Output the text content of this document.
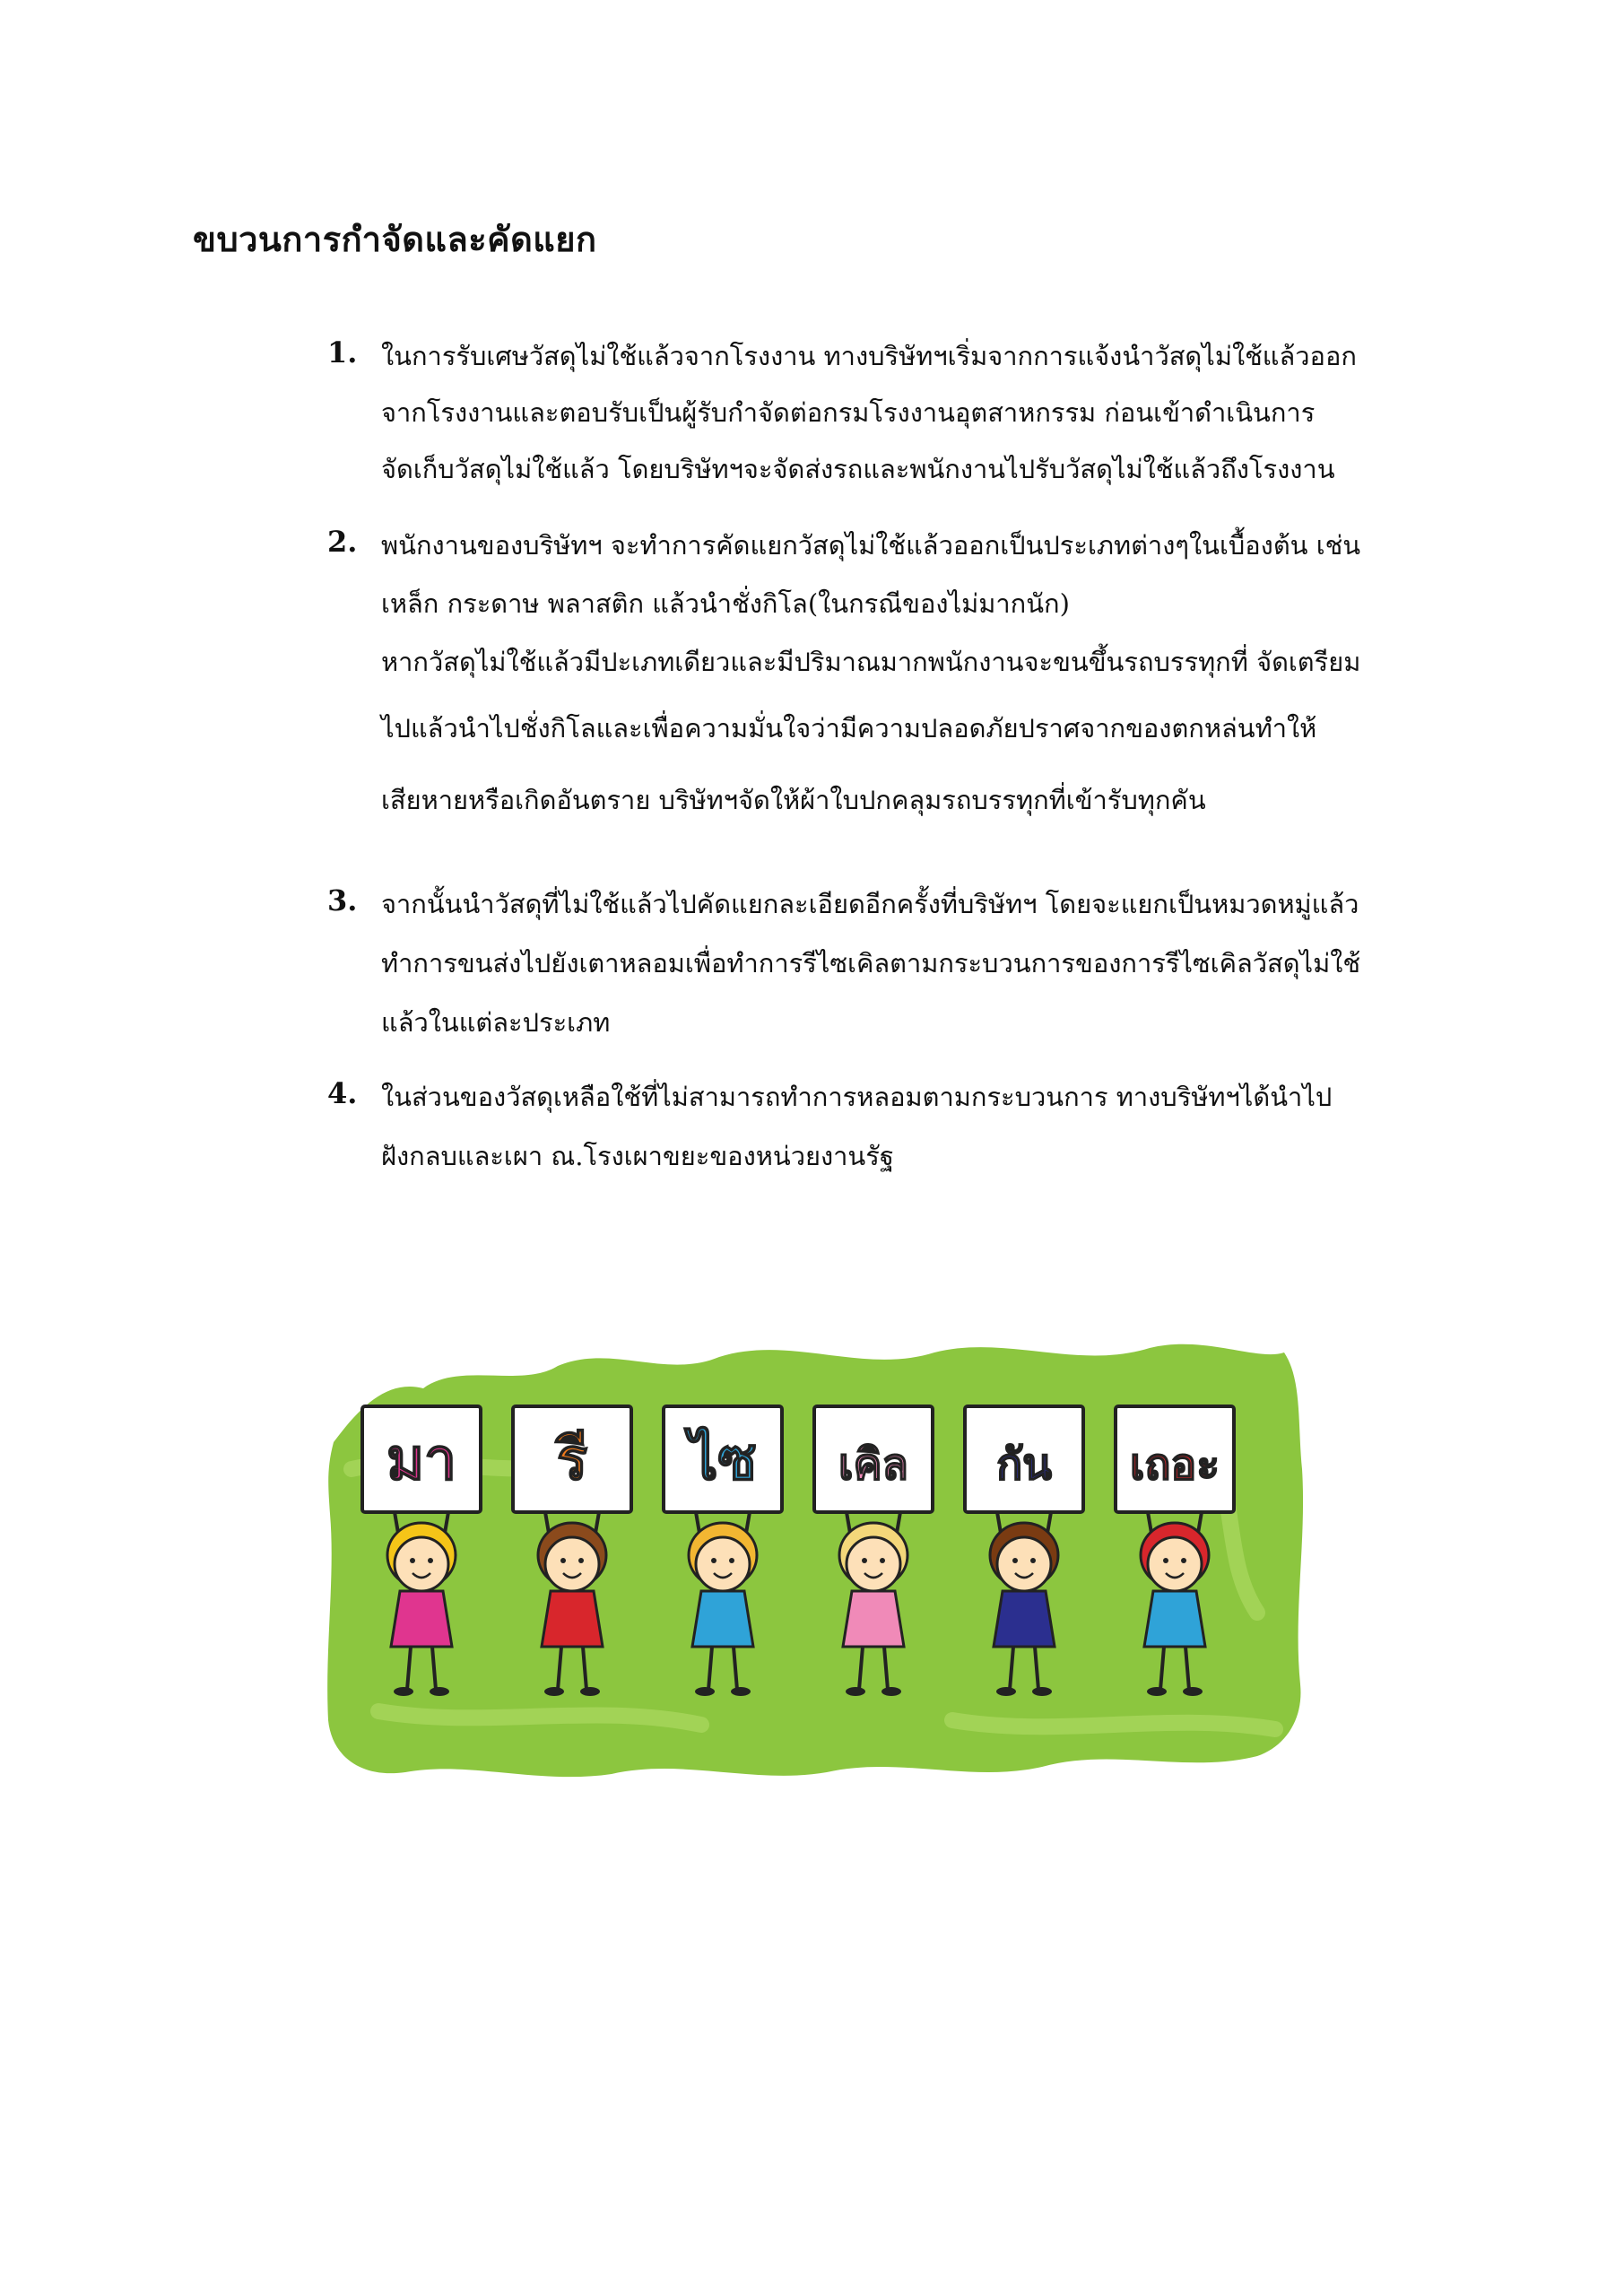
ขบวนการกำจัดและคัดแยก
1. ในการรับเศษวัสดุไม่ใช้แล้วจากโรงงาน ทางบริษัทฯเริ่มจากการแจ้งนำวัสดุไม่ใช้แล้วออก
จากโรงงานและตอบรับเป็นผู้รับกำจัดต่อกรมโรงงานอุตสาหกรรม ก่อนเข้าดำเนินการ
จัดเก็บวัสดุไม่ใช้แล้ว โดยบริษัทฯจะจัดส่งรถและพนักงานไปรับวัสดุไม่ใช้แล้วถึงโรงงาน
2. พนักงานของบริษัทฯ จะทำการคัดแยกวัสดุไม่ใช้แล้วออกเป็นประเภทต่างๆในเบื้องต้น เช่น
เหล็ก กระดาษ พลาสติก แล้วนำชั่งกิโล(ในกรณีของไม่มากนัก)
หากวัสดุไม่ใช้แล้วมีปะเภทเดียวและมีปริมาณมากพนักงานจะขนขึ้นรถบรรทุกที่ จัดเตรียม
ไปแล้วนำไปชั่งกิโลและเพื่อความมั่นใจว่ามีความปลอดภัยปราศจากของตกหล่นทำให้
เสียหายหรือเกิดอันตราย บริษัทฯจัดให้ผ้าใบปกคลุมรถบรรทุกที่เข้ารับทุกคัน
3. จากนั้นนำวัสดุที่ไม่ใช้แล้วไปคัดแยกละเอียดอีกครั้งที่บริษัทฯ โดยจะแยกเป็นหมวดหมู่แล้ว
ทำการขนส่งไปยังเตาหลอมเพื่อทำการรีไซเคิลตามกระบวนการของการรีไซเคิลวัสดุไม่ใช้
แล้วในแต่ละประเภท
4. ในส่วนของวัสดุเหลือใช้ที่ไม่สามารถทำการหลอมตามกระบวนการ ทางบริษัทฯได้นำไป
ฝังกลบและเผา ณ.โรงเผาขยะของหน่วยงานรัฐ
มา รี ไซ เคิล กัน เถอะ
